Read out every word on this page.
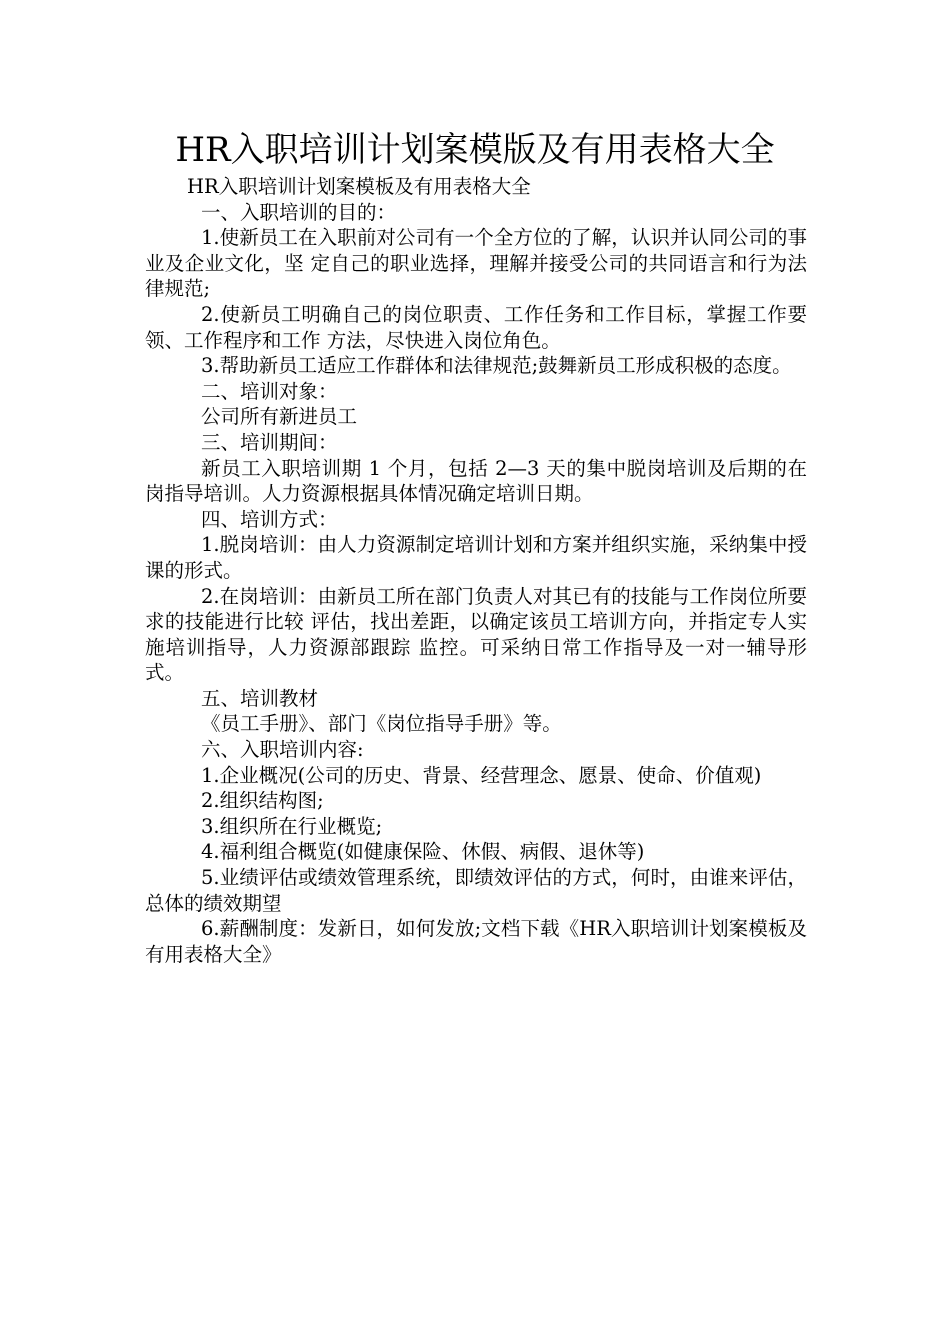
HR入职培训计划案模版及有用表格大全

HR入职培训计划案模板及有用表格大全

一、入职培训的目的：

1.使新员工在入职前对公司有一个全方位的了解，认识并认同公司的事业及企业文化，坚 定自己的职业选择，理解并接受公司的共同语言和行为法律规范;

2.使新员工明确自己的岗位职责、工作任务和工作目标，掌握工作要领、工作程序和工作 方法，尽快进入岗位角色。

3.帮助新员工适应工作群体和法律规范;鼓舞新员工形成积极的态度。

二、培训对象：

公司所有新进员工

三、培训期间：

新员工入职培训期 1 个月，包括 2—3 天的集中脱岗培训及后期的在岗指导培训。人力资源根据具体情况确定培训日期。

四、培训方式：

1.脱岗培训：由人力资源制定培训计划和方案并组织实施，采纳集中授课的形式。

2.在岗培训：由新员工所在部门负责人对其已有的技能与工作岗位所要求的技能进行比较 评估，找出差距，以确定该员工培训方向，并指定专人实施培训指导，人力资源部跟踪 监控。可采纳日常工作指导及一对一辅导形式。

五、培训教材

《员工手册》、部门《岗位指导手册》等。

六、入职培训内容:

1.企业概况(公司的历史、背景、经营理念、愿景、使命、价值观)

2.组织结构图;

3.组织所在行业概览;

4.福利组合概览(如健康保险、休假、病假、退休等)

5.业绩评估或绩效管理系统，即绩效评估的方式，何时，由谁来评估，总体的绩效期望

6.薪酬制度：发新日，如何发放;文档下载《HR入职培训计划案模板及有用表格大全》
